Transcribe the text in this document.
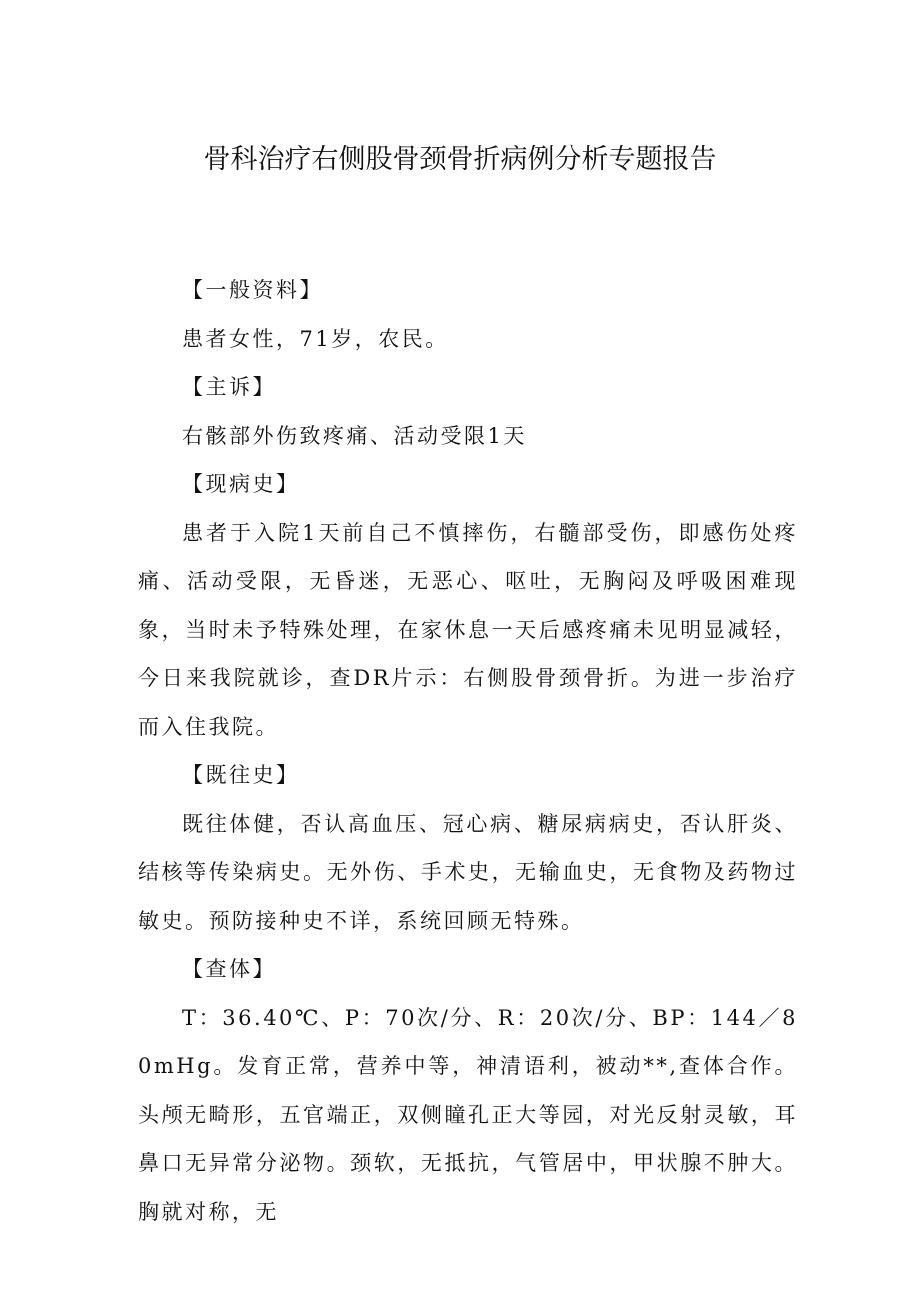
骨科治疗右侧股骨颈骨折病例分析专题报告

【一般资料】

患者女性，71岁，农民。

【主诉】

右骸部外伤致疼痛、活动受限1天

【现病史】

患者于入院1天前自己不慎摔伤，右髓部受伤，即感伤处疼痛、活动受限，无昏迷，无恶心、呕吐，无胸闷及呼吸困难现象，当时未予特殊处理，在家休息一天后感疼痛未见明显减轻，今日来我院就诊，查DR片示：右侧股骨颈骨折。为进一步治疗而入住我院。

【既往史】

既往体健，否认高血压、冠心病、糖尿病病史，否认肝炎、结核等传染病史。无外伤、手术史，无输血史，无食物及药物过敏史。预防接种史不详，系统回顾无特殊。

【查体】

T：36.40℃、P：70次/分、R：20次/分、BP：144／80mHg。发育正常，营养中等，神清语利，被动**,查体合作。头颅无畸形，五官端正，双侧瞳孔正大等园，对光反射灵敏，耳鼻口无异常分泌物。颈软，无抵抗，气管居中，甲状腺不肿大。胸就对称，无
